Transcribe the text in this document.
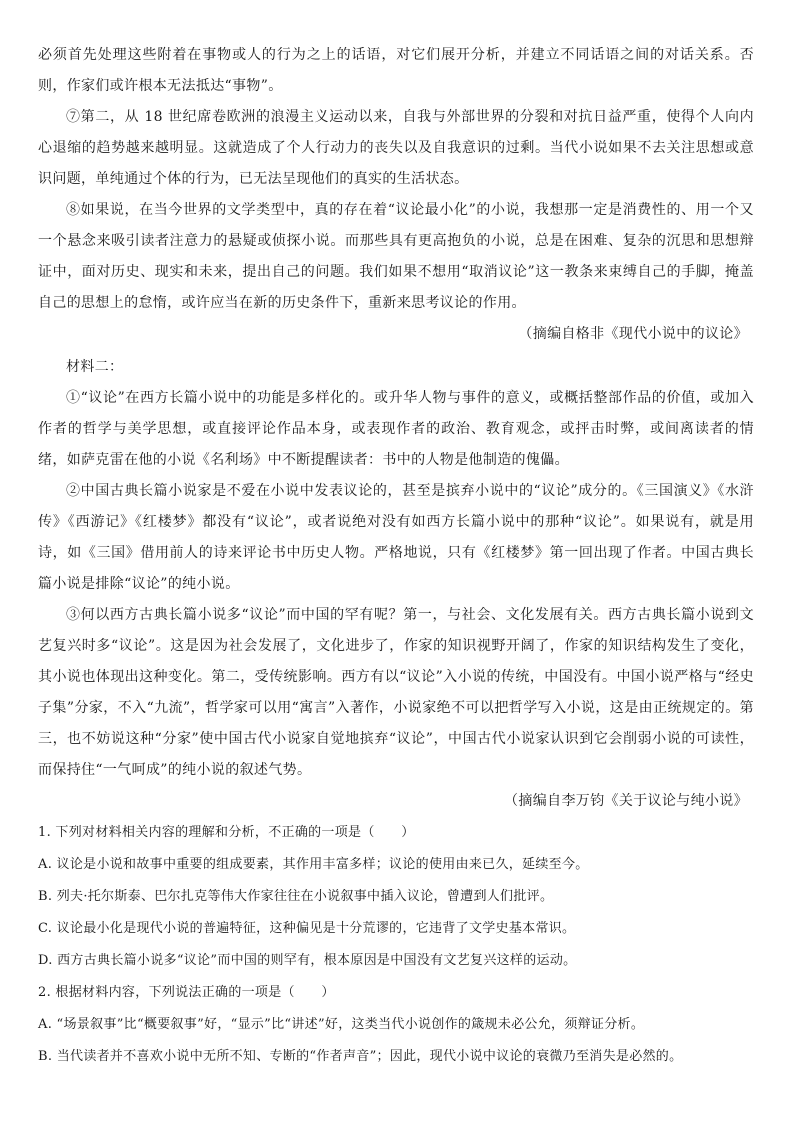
必须首先处理这些附着在事物或人的行为之上的话语，对它们展开分析，并建立不同话语之间的对话关系。否则，作家们或许根本无法抵达“事物”。

⑦第二，从 18 世纪席卷欧洲的浪漫主义运动以来，自我与外部世界的分裂和对抗日益严重，使得个人向内心退缩的趋势越来越明显。这就造成了个人行动力的丧失以及自我意识的过剩。当代小说如果不去关注思想或意识问题，单纯通过个体的行为，已无法呈现他们的真实的生活状态。

⑧如果说，在当今世界的文学类型中，真的存在着“议论最小化”的小说，我想那一定是消费性的、用一个又一个悬念来吸引读者注意力的悬疑或侦探小说。而那些具有更高抱负的小说，总是在困难、复杂的沉思和思想辩证中，面对历史、现实和未来，提出自己的问题。我们如果不想用“取消议论”这一教条来束缚自己的手脚，掩盖自己的思想上的怠惰，或许应当在新的历史条件下，重新来思考议论的作用。

（摘编自格非《现代小说中的议论》

材料二：

①“议论”在西方长篇小说中的功能是多样化的。或升华人物与事件的意义，或概括整部作品的价值，或加入作者的哲学与美学思想，或直接评论作品本身，或表现作者的政治、教育观念，或抨击时弊，或间离读者的情绪，如萨克雷在他的小说《名利场》中不断提醒读者：书中的人物是他制造的傀儡。

②中国古典长篇小说家是不爱在小说中发表议论的，甚至是摈弃小说中的“议论”成分的。《三国演义》《水浒传》《西游记》《红楼梦》都没有“议论”，或者说绝对没有如西方长篇小说中的那种“议论”。如果说有，就是用诗，如《三国》借用前人的诗来评论书中历史人物。严格地说，只有《红楼梦》第一回出现了作者。中国古典长篇小说是排除“议论”的纯小说。

③何以西方古典长篇小说多“议论”而中国的罕有呢？第一，与社会、文化发展有关。西方古典长篇小说到文艺复兴时多“议论”。这是因为社会发展了，文化进步了，作家的知识视野开阔了，作家的知识结构发生了变化，其小说也体现出这种变化。第二，受传统影响。西方有以“议论”入小说的传统，中国没有。中国小说严格与“经史子集”分家，不入“九流”，哲学家可以用“寓言”入著作，小说家绝不可以把哲学写入小说，这是由正统规定的。第三，也不妨说这种“分家”使中国古代小说家自觉地摈弃“议论”，中国古代小说家认识到它会削弱小说的可读性，而保持住“一气呵成”的纯小说的叙述气势。

（摘编自李万钧《关于议论与纯小说》

1. 下列对材料相关内容的理解和分析，不正确的一项是（　　）

A. 议论是小说和故事中重要的组成要素，其作用丰富多样；议论的使用由来已久，延续至今。

B. 列夫·托尔斯泰、巴尔扎克等伟大作家往往在小说叙事中插入议论，曾遭到人们批评。

C. 议论最小化是现代小说的普遍特征，这种偏见是十分荒谬的，它违背了文学史基本常识。

D. 西方古典长篇小说多“议论”而中国的则罕有，根本原因是中国没有文艺复兴这样的运动。

2. 根据材料内容，下列说法正确的一项是（　　）

A. “场景叙事”比“概要叙事”好，“显示”比“讲述”好，这类当代小说创作的箴规未必公允，须辩证分析。

B. 当代读者并不喜欢小说中无所不知、专断的“作者声音”；因此，现代小说中议论的衰微乃至消失是必然的。
